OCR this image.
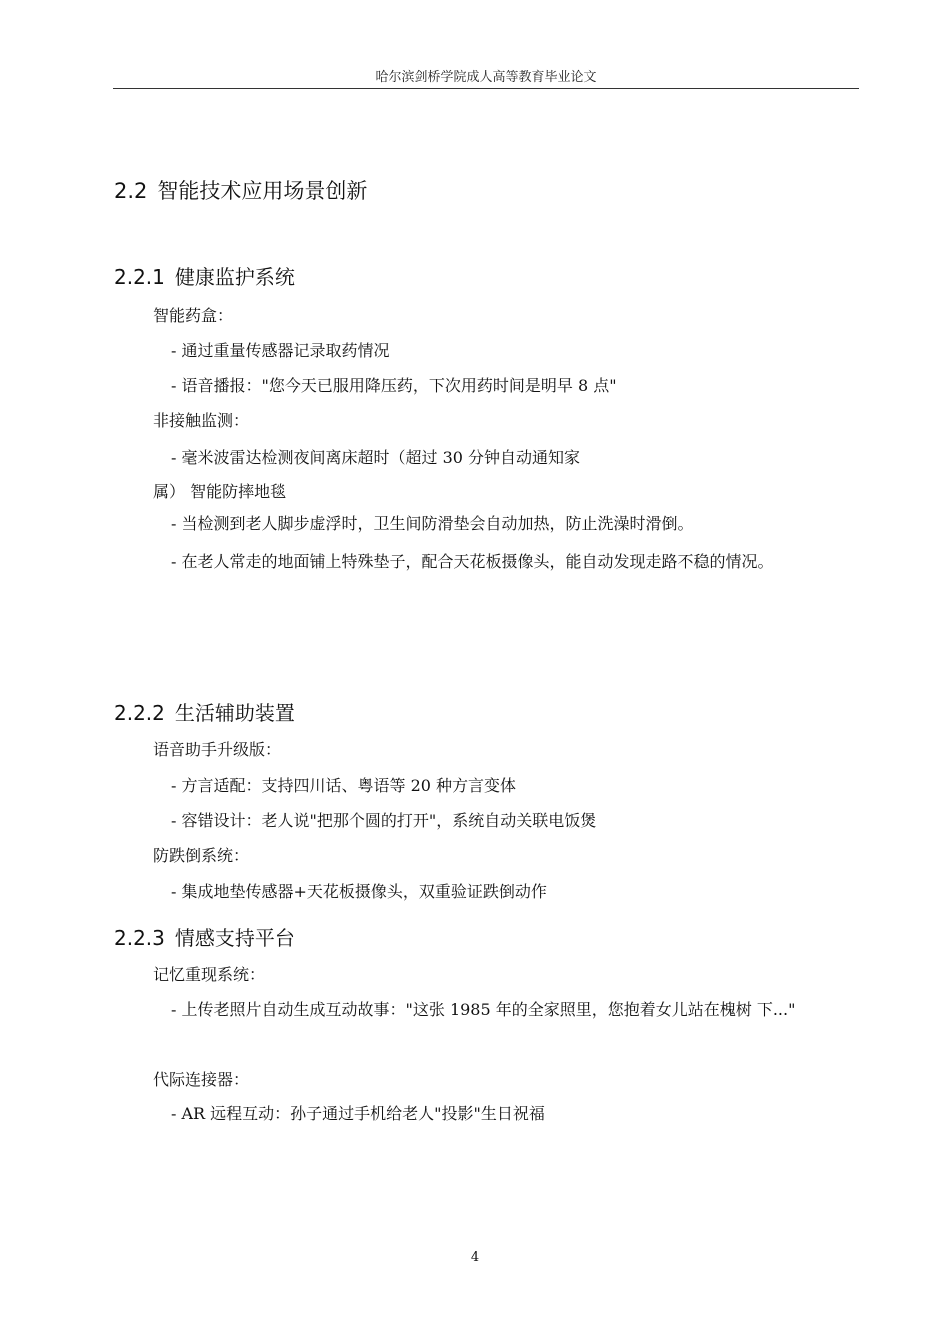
哈尔滨剑桥学院成人高等教育毕业论文
2.2 智能技术应用场景创新
2.2.1 健康监护系统
智能药盒：
- 通过重量传感器记录取药情况
- 语音播报："您今天已服用降压药，下次用药时间是明早 8 点"
非接触监测：
- 毫米波雷达检测夜间离床超时（超过 30 分钟自动通知家
属） 智能防摔地毯
- 当检测到老人脚步虚浮时，卫生间防滑垫会自动加热，防止洗澡时滑倒。
- 在老人常走的地面铺上特殊垫子，配合天花板摄像头，能自动发现走路不稳的情况。
2.2.2 生活辅助装置
语音助手升级版：
- 方言适配：支持四川话、粤语等 20 种方言变体
- 容错设计：老人说"把那个圆的打开"，系统自动关联电饭煲
防跌倒系统：
- 集成地垫传感器+天花板摄像头，双重验证跌倒动作
2.2.3 情感支持平台
记忆重现系统：
- 上传老照片自动生成互动故事："这张 1985 年的全家照里，您抱着女儿站在槐树 下..."
代际连接器：
- AR 远程互动：孙子通过手机给老人"投影"生日祝福
4
